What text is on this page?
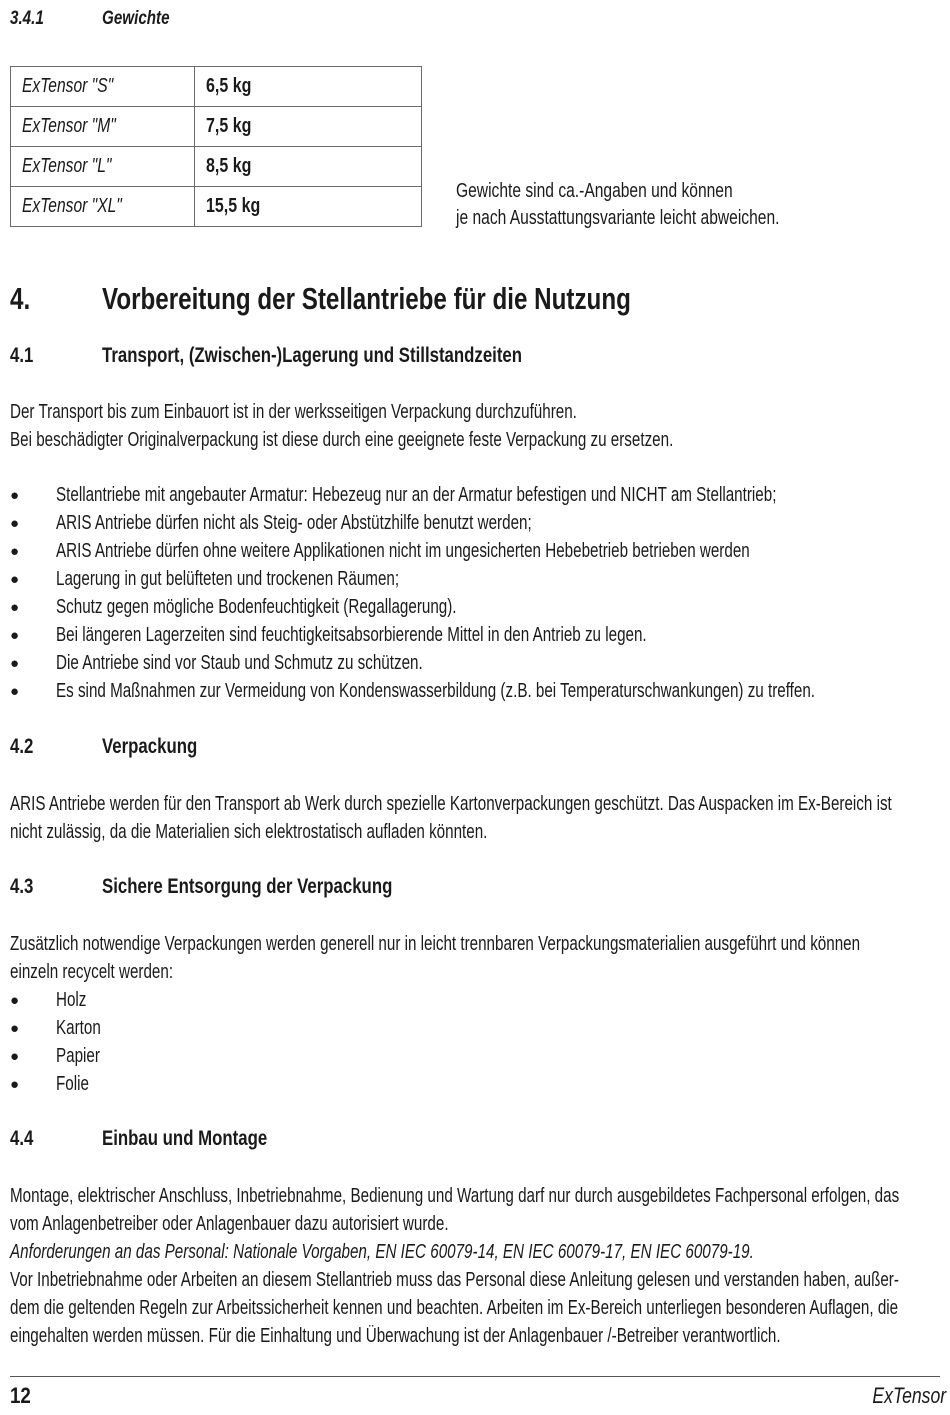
3.4.1	Gewichte
ExTensor "S"	6,5 kg
ExTensor "M"	7,5 kg
ExTensor "L"	8,5 kg
ExTensor "XL"	15,5 kg
Gewichte sind ca.-Angaben und können
je nach Ausstattungsvariante leicht abweichen.
4. Vorbereitung der Stellantriebe für die Nutzung
4.1	Transport, (Zwischen-)Lagerung und Stillstandzeiten
Der Transport bis zum Einbauort ist in der werksseitigen Verpackung durchzuführen.
Bei beschädigter Originalverpackung ist diese durch eine geeignete feste Verpackung zu ersetzen.
● Stellantriebe mit angebauter Armatur: Hebezeug nur an der Armatur befestigen und NICHT am Stellantrieb;
● ARIS Antriebe dürfen nicht als Steig- oder Abstützhilfe benutzt werden;
● ARIS Antriebe dürfen ohne weitere Applikationen nicht im ungesicherten Hebebetrieb betrieben werden
● Lagerung in gut belüfteten und trockenen Räumen;
● Schutz gegen mögliche Bodenfeuchtigkeit (Regallagerung).
● Bei längeren Lagerzeiten sind feuchtigkeitsabsorbierende Mittel in den Antrieb zu legen.
● Die Antriebe sind vor Staub und Schmutz zu schützen.
● Es sind Maßnahmen zur Vermeidung von Kondenswasserbildung (z.B. bei Temperaturschwankungen) zu treffen.
4.2	Verpackung
ARIS Antriebe werden für den Transport ab Werk durch spezielle Kartonverpackungen geschützt. Das Auspacken im Ex-Bereich ist
nicht zulässig, da die Materialien sich elektrostatisch aufladen könnten.
4.3	Sichere Entsorgung der Verpackung
Zusätzlich notwendige Verpackungen werden generell nur in leicht trennbaren Verpackungsmaterialien ausgeführt und können
einzeln recycelt werden:
● Holz
● Karton
● Papier
● Folie
4.4	Einbau und Montage
Montage, elektrischer Anschluss, Inbetriebnahme, Bedienung und Wartung darf nur durch ausgebildetes Fachpersonal erfolgen, das
vom Anlagenbetreiber oder Anlagenbauer dazu autorisiert wurde.
Anforderungen an das Personal: Nationale Vorgaben, EN IEC 60079-14, EN IEC 60079-17, EN IEC 60079-19.
Vor Inbetriebnahme oder Arbeiten an diesem Stellantrieb muss das Personal diese Anleitung gelesen und verstanden haben, außer-
dem die geltenden Regeln zur Arbeitssicherheit kennen und beachten. Arbeiten im Ex-Bereich unterliegen besonderen Auflagen, die
eingehalten werden müssen. Für die Einhaltung und Überwachung ist der Anlagenbauer /-Betreiber verantwortlich.
12	ExTensor
